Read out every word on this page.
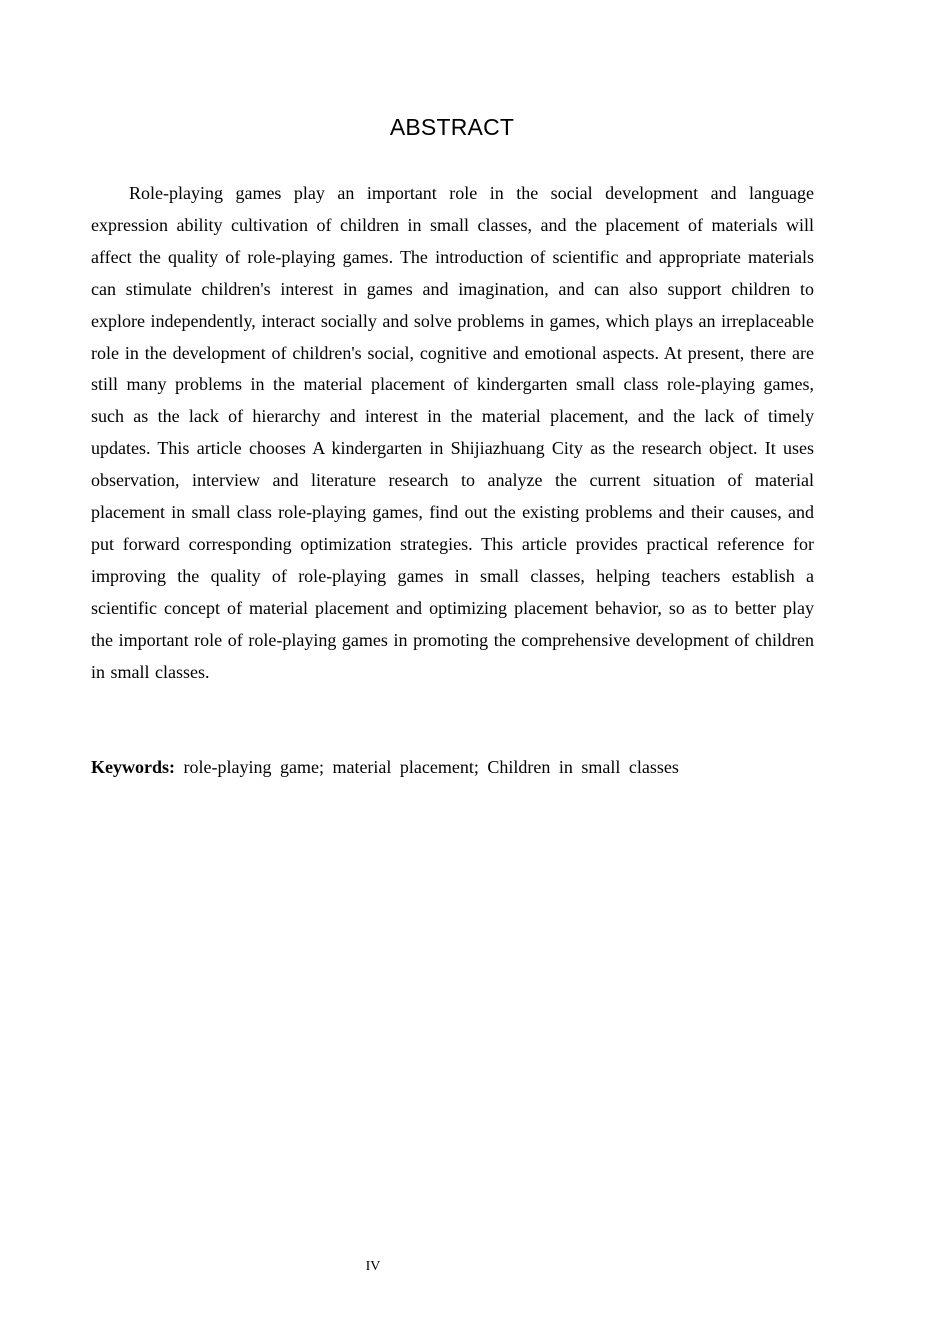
ABSTRACT

Role-playing games play an important role in the social development and language expression ability cultivation of children in small classes, and the placement of materials will affect the quality of role-playing games. The introduction of scientific and appropriate materials can stimulate children's interest in games and imagination, and can also support children to explore independently, interact socially and solve problems in games, which plays an irreplaceable role in the development of children's social, cognitive and emotional aspects. At present, there are still many problems in the material placement of kindergarten small class role-playing games, such as the lack of hierarchy and interest in the material placement, and the lack of timely updates. This article chooses A kindergarten in Shijiazhuang City as the research object. It uses observation, interview and literature research to analyze the current situation of material placement in small class role-playing games, find out the existing problems and their causes, and put forward corresponding optimization strategies. This article provides practical reference for improving the quality of role-playing games in small classes, helping teachers establish a scientific concept of material placement and optimizing placement behavior, so as to better play the important role of role-playing games in promoting the comprehensive development of children in small classes.

Keywords: role-playing game; material placement; Children in small classes

IV
